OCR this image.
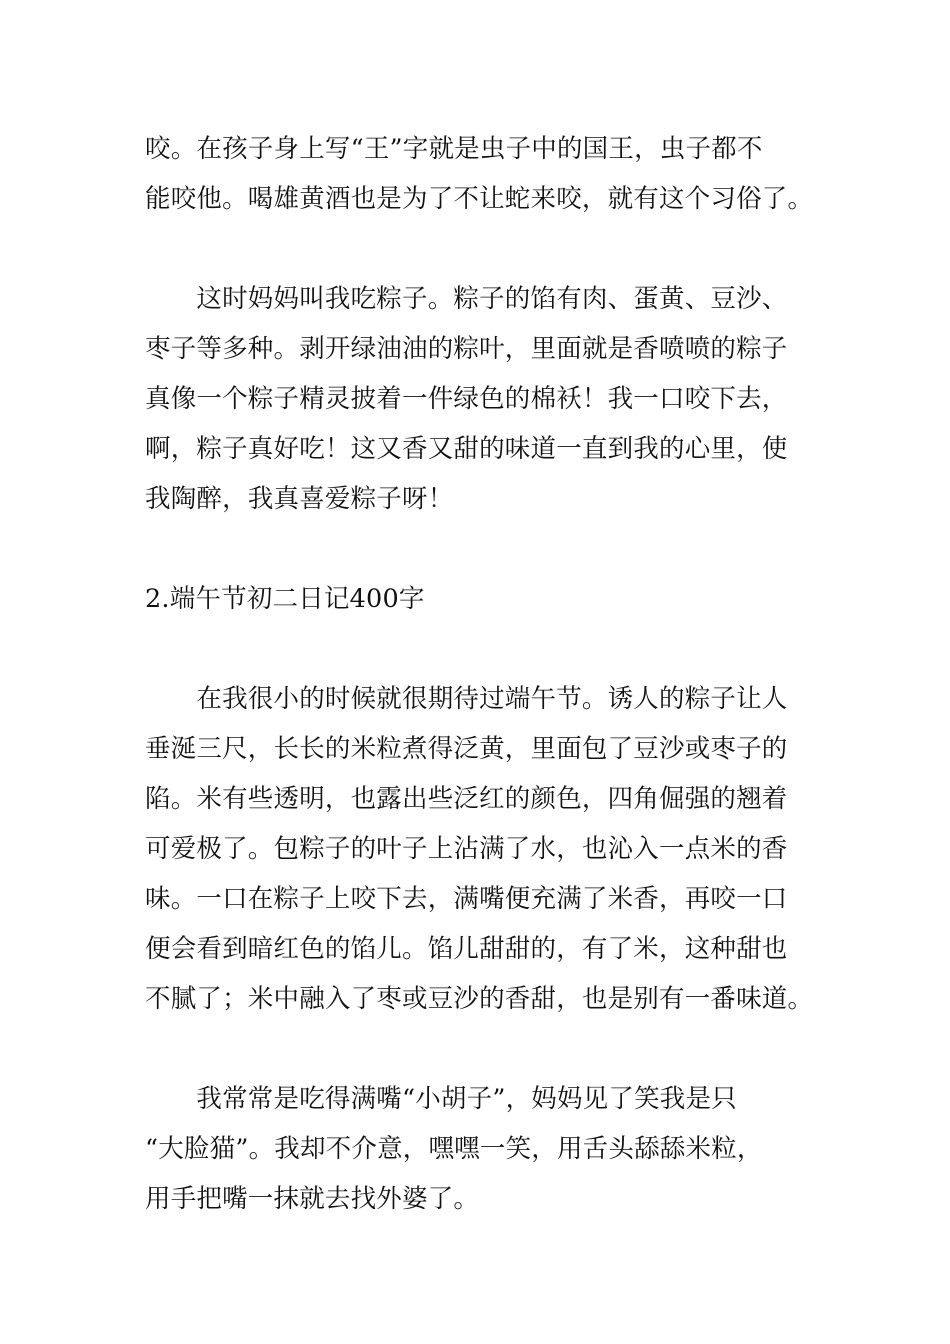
咬。在孩子身上写“王”字就是虫子中的国王，虫子都不

能咬他。喝雄黄酒也是为了不让蛇来咬，就有这个习俗了。

　　这时妈妈叫我吃粽子。粽子的馅有肉、蛋黄、豆沙、

枣子等多种。剥开绿油油的粽叶，里面就是香喷喷的粽子

真像一个粽子精灵披着一件绿色的棉袄！我一口咬下去，

啊，粽子真好吃！这又香又甜的味道一直到我的心里，使

我陶醉，我真喜爱粽子呀！

2.端午节初二日记400字

　　在我很小的时候就很期待过端午节。诱人的粽子让人

垂涎三尺，长长的米粒煮得泛黄，里面包了豆沙或枣子的

陷。米有些透明，也露出些泛红的颜色，四角倔强的翘着

可爱极了。包粽子的叶子上沾满了水，也沁入一点米的香

味。一口在粽子上咬下去，满嘴便充满了米香，再咬一口

便会看到暗红色的馅儿。馅儿甜甜的，有了米，这种甜也

不腻了；米中融入了枣或豆沙的香甜，也是别有一番味道。

　　我常常是吃得满嘴“小胡子”，妈妈见了笑我是只

“大脸猫”。我却不介意，嘿嘿一笑，用舌头舔舔米粒，

用手把嘴一抹就去找外婆了。
